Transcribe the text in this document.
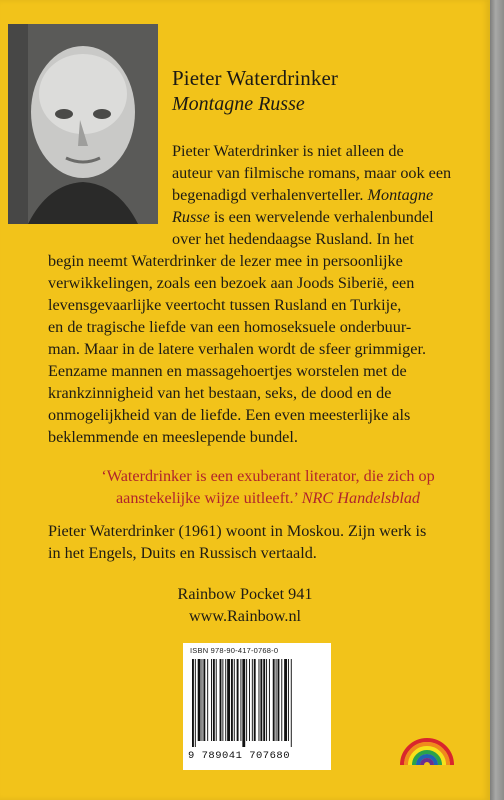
Pieter Waterdrinker
Montagne Russe
Pieter Waterdrinker is niet alleen de
auteur van filmische romans, maar ook een
begenadigd verhalenverteller. Montagne
Russe is een wervelende verhalenbundel
over het hedendaagse Rusland. In het
begin neemt Waterdrinker de lezer mee in persoonlijke
verwikkelingen, zoals een bezoek aan Joods Siberië, een
levensgevaarlijke veertocht tussen Rusland en Turkije,
en de tragische liefde van een homoseksuele onderbuur-
man. Maar in de latere verhalen wordt de sfeer grimmiger.
Eenzame mannen en massagehoertjes worstelen met de
krankzinnigheid van het bestaan, seks, de dood en de
onmogelijkheid van de liefde. Een even meesterlijke als
beklemmende en meeslepende bundel.
‘Waterdrinker is een exuberant literator, die zich op
aanstekelijke wijze uitleeft.’ NRC Handelsblad
Pieter Waterdrinker (1961) woont in Moskou. Zijn werk is
in het Engels, Duits en Russisch vertaald.
Rainbow Pocket 941
www.Rainbow.nl
ISBN 978-90-417-0768-0
9 789041 707680
